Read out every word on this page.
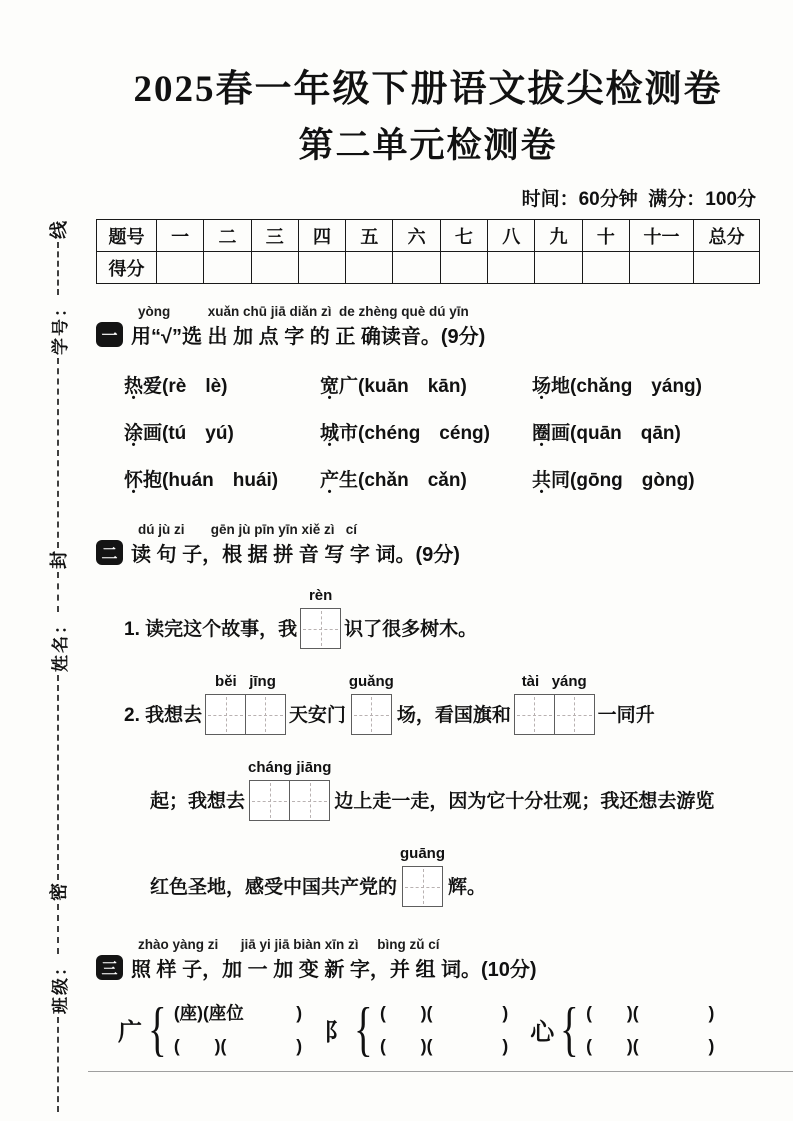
班级：
密
姓名：
封
学号：
线
2025春一年级下册语文拔尖检测卷
第二单元检测卷
时间：60分钟  满分：100分
题号	一	二	三	四	五	六	七	八	九	十	十一	总分
得分												
yòng          xuǎn chū jiā diǎn zì  de zhèng què dú yīn
一 用“√”选 出 加 点 字 的 正 确读音。(9分)
热爱(rè　lè)	宽广(kuān　kān)	场地(chǎng　yáng)
涂画(tú　yú)	城市(chéng　céng)	圈画(quān　qān)
怀抱(huán　huái)	产生(chǎn　cǎn)	共同(gōng　gòng)
dú jù zi       gēn jù pīn yīn xiě zì   cí
二 读 句 子，根 据 拼 音 写 字 词。(9分)
1. 读完这个故事，我
rèn
识了很多树木。
2. 我想去
běi   jīng
天安门
guǎng
场，看国旗和
tài   yáng
一同升
起；我想去
cháng jiāng
边上走一走，因为它十分壮观；我还想去游览
红色圣地，感受中国共产党的
guāng
辉。
zhào yàng zi      jiā yi jiā biàn xīn zì     bìng zǔ cí
三 照 样 子，加 一 加 变 新 字，并 组 词。(10分)
广 { (座)(座位　　　)
(　　)(　　　　)
阝 { (　　)(　　　　)
(　　)(　　　　)
心 { (　　)(　　　　)
(　　)(　　　　)
